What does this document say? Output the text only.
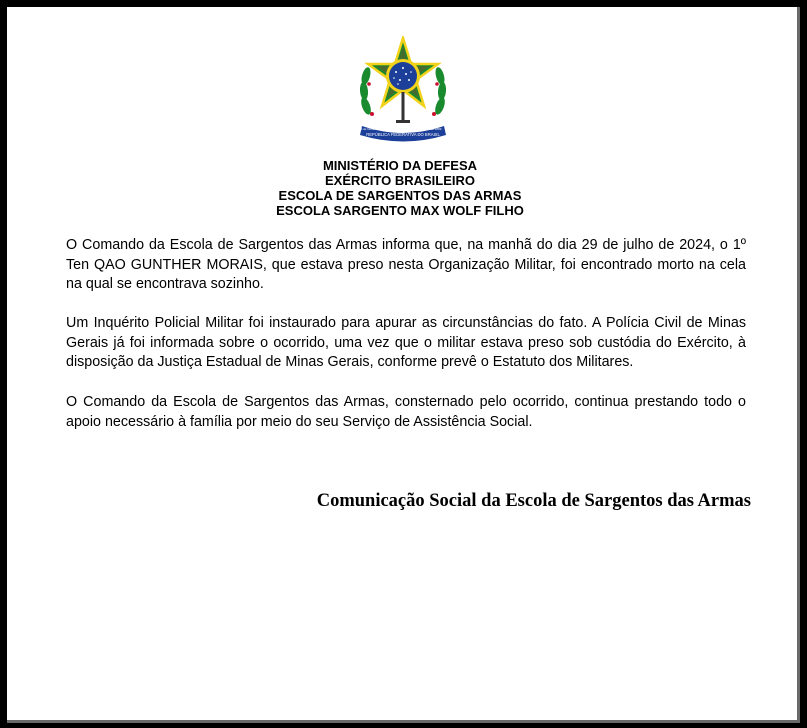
REPÚBLICA FEDERATIVA DO BRASIL
15 de Novembro	de 1889
MINISTÉRIO DA DEFESA
EXÉRCITO BRASILEIRO
ESCOLA DE SARGENTOS DAS ARMAS
ESCOLA SARGENTO MAX WOLF FILHO
O Comando da Escola de Sargentos das Armas informa que, na manhã do dia 29 de julho de 2024, o 1º Ten QAO GUNTHER MORAIS, que estava preso nesta Organização Militar, foi encontrado morto na cela na qual se encontrava sozinho.
Um Inquérito Policial Militar foi instaurado para apurar as circunstâncias do fato. A Polícia Civil de Minas Gerais já foi informada sobre o ocorrido, uma vez que o militar estava preso sob custódia do Exército, à disposição da Justiça Estadual de Minas Gerais, conforme prevê o Estatuto dos Militares.
O Comando da Escola de Sargentos das Armas, consternado pelo ocorrido, continua prestando todo o apoio necessário à família por meio do seu Serviço de Assistência Social.
Comunicação Social da Escola de Sargentos das Armas
